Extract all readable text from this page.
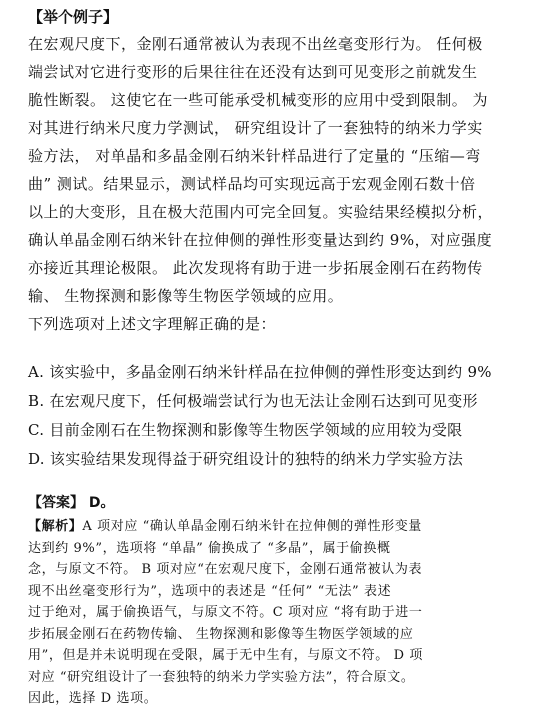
【举个例子】
在宏观尺度下，金刚石通常被认为表现不出丝毫变形行为。 任何极
端尝试对它进行变形的后果往往在还没有达到可见变形之前就发生
脆性断裂。 这使它在一些可能承受机械变形的应用中受到限制。 为
对其进行纳米尺度力学测试， 研究组设计了一套独特的纳米力学实
验方法， 对单晶和多晶金刚石纳米针样品进行了定量的 “压缩—弯
曲” 测试。结果显示，测试样品均可实现远高于宏观金刚石数十倍
以上的大变形，且在极大范围内可完全回复。实验结果经模拟分析，
确认单晶金刚石纳米针在拉伸侧的弹性形变量达到约 9%，对应强度
亦接近其理论极限。 此次发现将有助于进一步拓展金刚石在药物传
输、 生物探测和影像等生物医学领域的应用。
下列选项对上述文字理解正确的是：
A. 该实验中，多晶金刚石纳米针样品在拉伸侧的弹性形变达到约 9%
B. 在宏观尺度下，任何极端尝试行为也无法让金刚石达到可见变形
C. 目前金刚石在生物探测和影像等生物医学领域的应用较为受限
D. 该实验结果发现得益于研究组设计的独特的纳米力学实验方法
【答案】 D。
【解析】A 项对应 “确认单晶金刚石纳米针在拉伸侧的弹性形变量
达到约 9%”，选项将 “单晶” 偷换成了 “多晶”，属于偷换概
念，与原文不符。 B 项对应“在宏观尺度下，金刚石通常被认为表
现不出丝毫变形行为”，选项中的表述是 “任何” “无法” 表述
过于绝对，属于偷换语气，与原文不符。C 项对应 “将有助于进一
步拓展金刚石在药物传输、 生物探测和影像等生物医学领域的应
用”，但是并未说明现在受限，属于无中生有，与原文不符。 D 项
对应 “研究组设计了一套独特的纳米力学实验方法”，符合原文。
因此，选择 D 选项。
